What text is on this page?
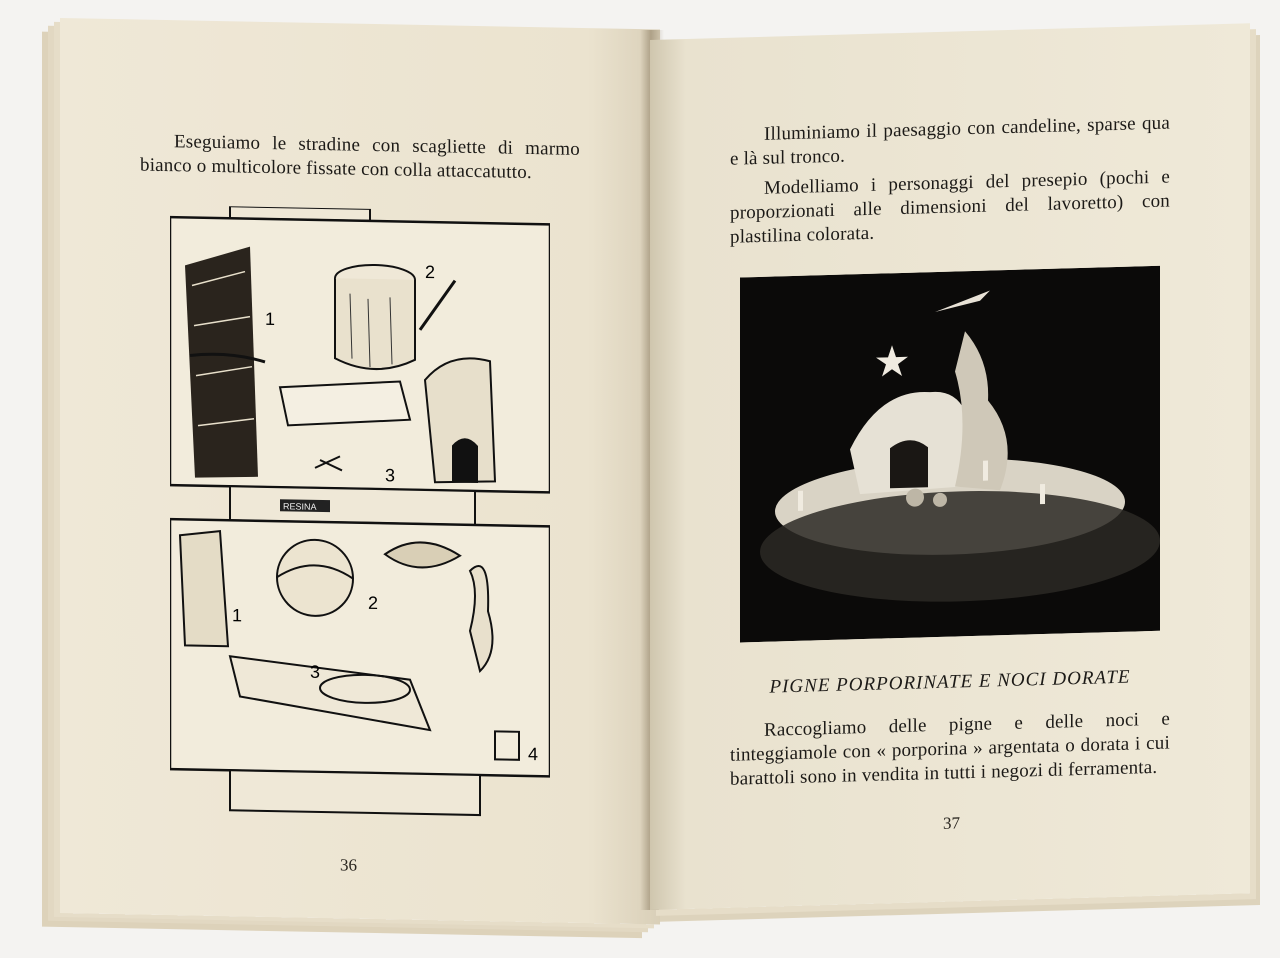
Eseguiamo le stradine con scagliette di marmo bianco o multicolore fissate con colla attaccatutto.

1
2
3
RESINA
1
2
3
4
36

Illuminiamo il paesaggio con candeline, sparse qua e là sul tronco.

Modelliamo i personaggi del presepio (pochi e proporzionati alle dimensioni del lavoretto) con plastilina colorata.

PIGNE PORPORINATE E NOCI DORATE

Raccogliamo delle pigne e delle noci e tinteggiamole con « porporina » argentata o dorata i cui barattoli sono in vendita in tutti i negozi di ferramenta.

37
